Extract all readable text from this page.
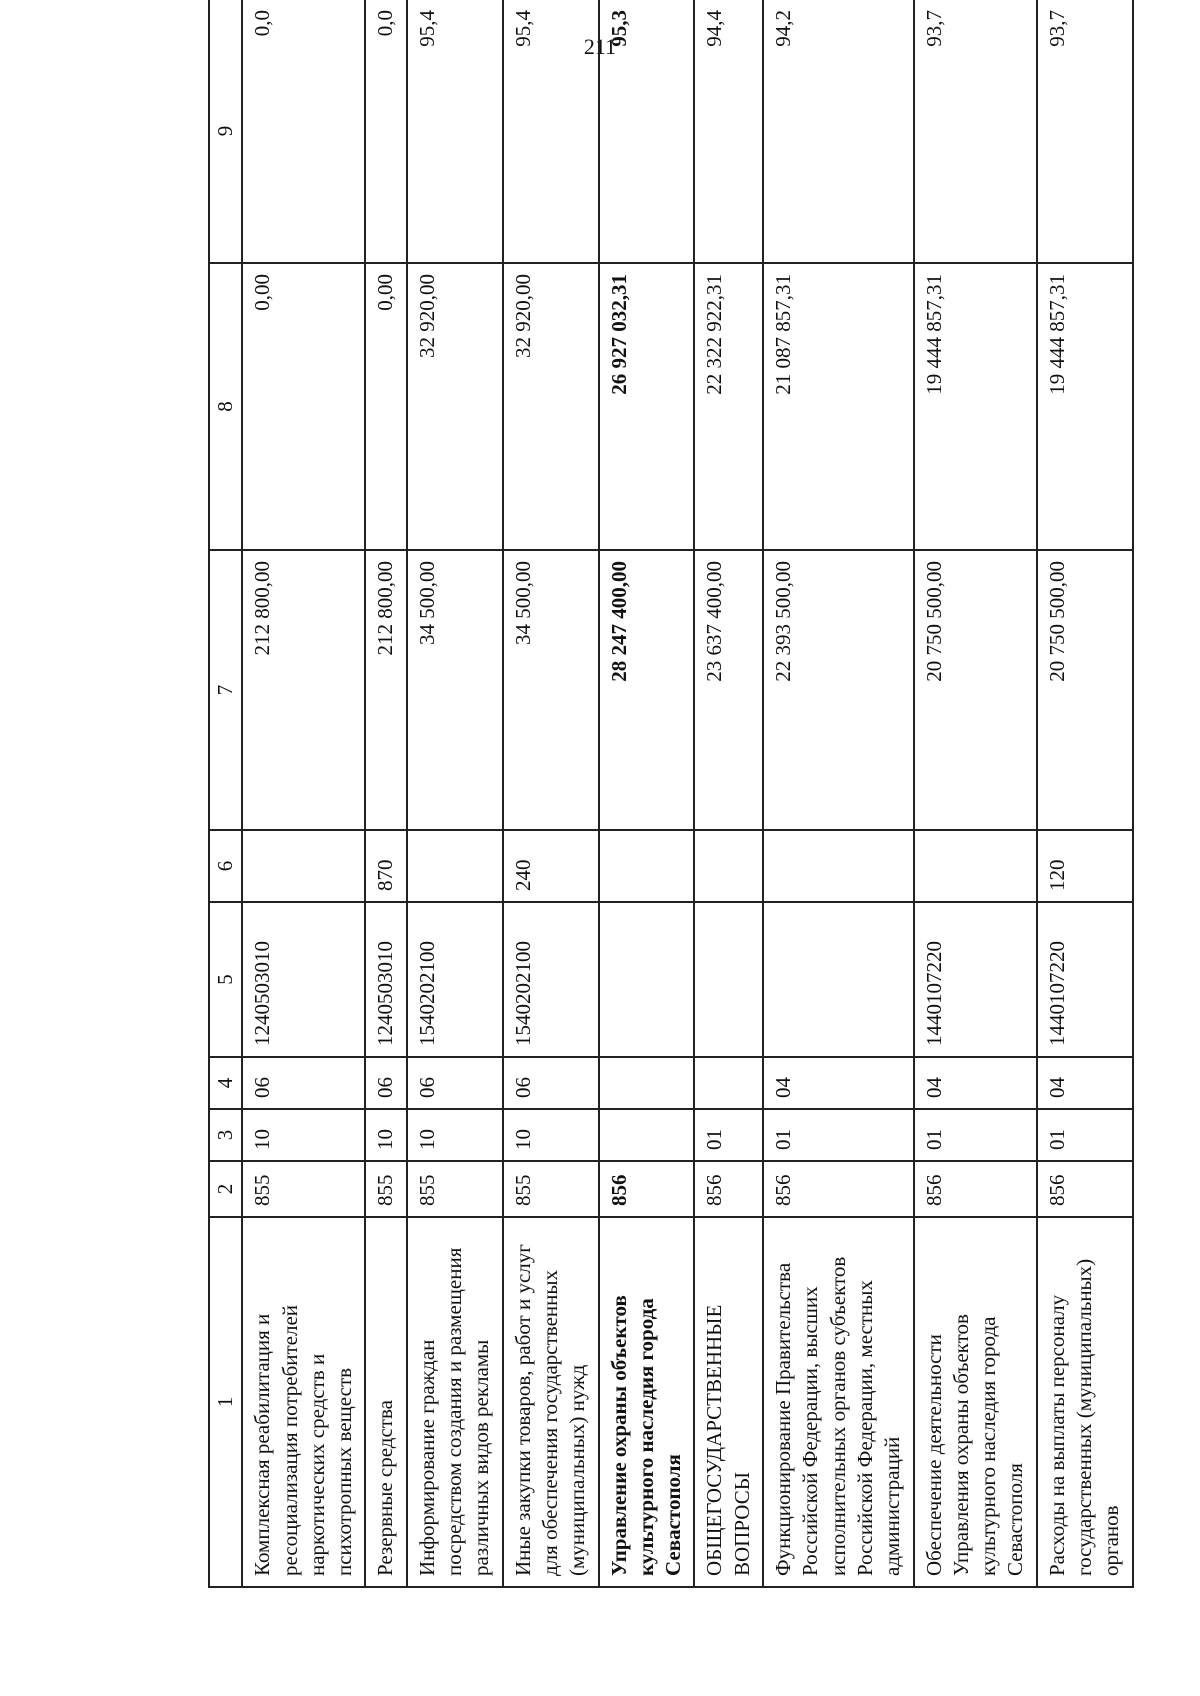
211
1	2	3	4	5	6	7	8	9
Комплексная реабилитация и ресоциализация потребителей наркотических средств и психотропных веществ	855	10	06	1240503010		212 800,00	0,00	0,0
Резервные средства	855	10	06	1240503010	870	212 800,00	0,00	0,0
Информирование граждан посредством создания и размещения различных видов рекламы	855	10	06	1540202100		34 500,00	32 920,00	95,4
Иные закупки товаров, работ и услуг для обеспечения государственных (муниципальных) нужд	855	10	06	1540202100	240	34 500,00	32 920,00	95,4
Управление охраны объектов культурного наследия города Севастополя	856					28 247 400,00	26 927 032,31	95,3
ОБЩЕГОСУДАРСТВЕННЫЕ ВОПРОСЫ	856	01				23 637 400,00	22 322 922,31	94,4
Функционирование Правительства Российской Федерации, высших исполнительных органов субъектов Российской Федерации, местных администраций	856	01	04			22 393 500,00	21 087 857,31	94,2
Обеспечение деятельности Управления охраны объектов культурного наследия города Севастополя	856	01	04	1440107220		20 750 500,00	19 444 857,31	93,7
Расходы на выплаты персоналу государственных (муниципальных) органов	856	01	04	1440107220	120	20 750 500,00	19 444 857,31	93,7
